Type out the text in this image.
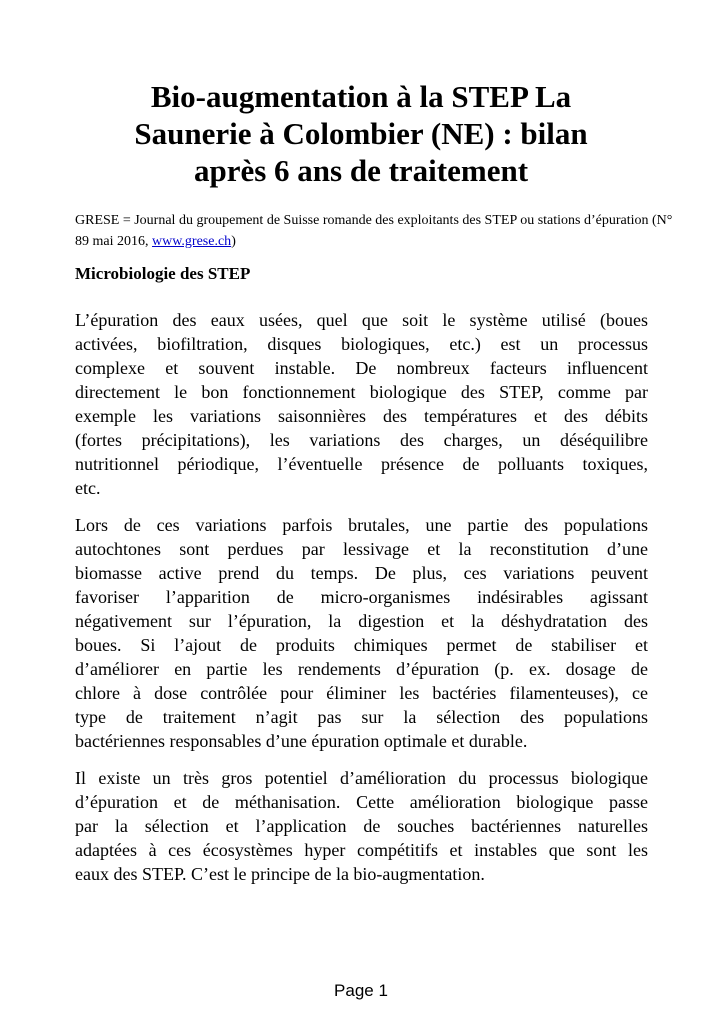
Bio-augmentation à la STEP La
Saunerie à Colombier (NE) : bilan
après 6 ans de traitement

GRESE = Journal du groupement de Suisse romande des exploitants des STEP ou stations d’épuration (N° 89 mai 2016, www.grese.ch)

Microbiologie des STEP

L’épuration des eaux usées, quel que soit le système utilisé (boues
activées, biofiltration, disques biologiques, etc.) est un processus
complexe et souvent instable. De nombreux facteurs influencent
directement le bon fonctionnement biologique des STEP, comme par
exemple les variations saisonnières des températures et des débits
(fortes précipitations), les variations des charges, un déséquilibre
nutritionnel périodique, l’éventuelle présence de polluants toxiques,
etc.

Lors de ces variations parfois brutales, une partie des populations
autochtones sont perdues par lessivage et la reconstitution d’une
biomasse active prend du temps. De plus, ces variations peuvent
favoriser l’apparition de micro-organismes indésirables agissant
négativement sur l’épuration, la digestion et la déshydratation des
boues. Si l’ajout de produits chimiques permet de stabiliser et
d’améliorer en partie les rendements d’épuration (p. ex. dosage de
chlore à dose contrôlée pour éliminer les bactéries filamenteuses), ce
type de traitement n’agit pas sur la sélection des populations
bactériennes responsables d’une épuration optimale et durable.

Il existe un très gros potentiel d’amélioration du processus biologique
d’épuration et de méthanisation. Cette amélioration biologique passe
par la sélection et l’application de souches bactériennes naturelles
adaptées à ces écosystèmes hyper compétitifs et instables que sont les
eaux des STEP. C’est le principe de la bio-augmentation.

Page 1
